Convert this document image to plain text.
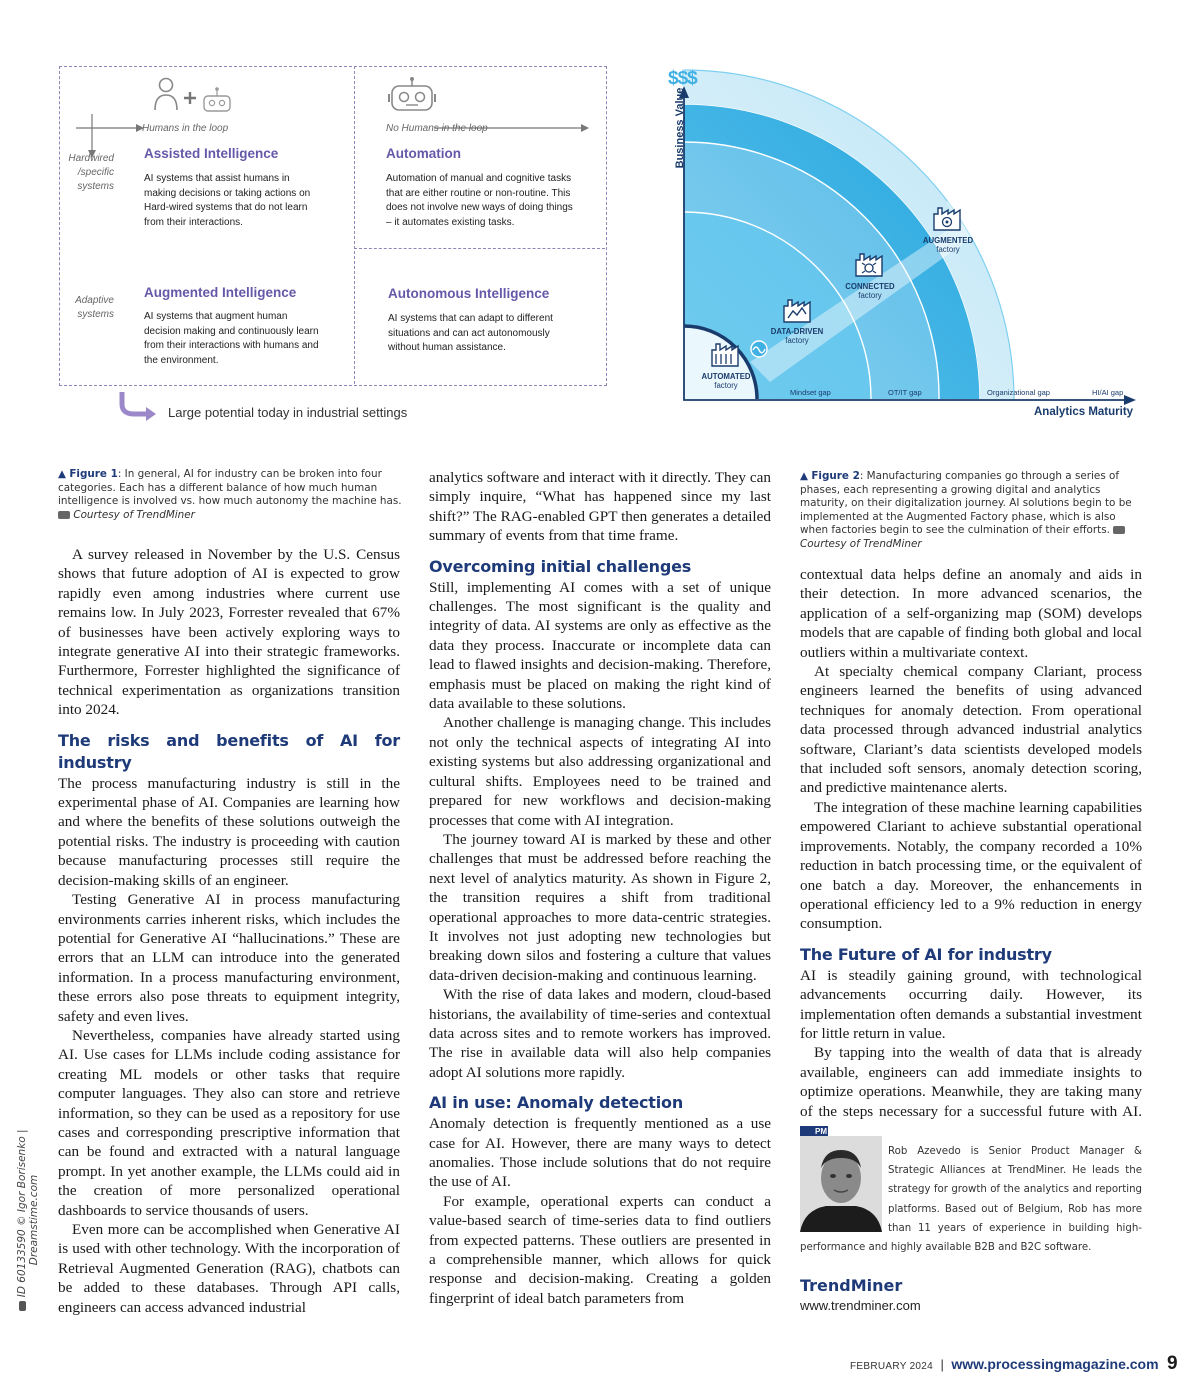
Humans in the loop	No Humans in the loop
Hardwired
/specific
systems
Adaptive
systems
Assisted Intelligence
AI systems that assist humans in making decisions or taking actions on Hard-wired systems that do not learn from their interactions.
Automation
Automation of manual and cognitive tasks that are either routine or non-routine. This does not involve new ways of doing things – it automates existing tasks.
Augmented Intelligence
AI systems that augment human decision making and continuously learn from their interactions with humans and the environment.
Autonomous Intelligence
AI systems that can adapt to different situations and can act autonomously without human assistance.
Large potential today in industrial settings
$$$
Business Value
Analytics Maturity
AUTOMATED
factory
DATA-DRIVEN
factory
CONNECTED
factory
AUGMENTED
factory
Mindset gap	OT/IT gap	Organizational gap	HI/AI gap
▲ Figure 1: In general, AI for industry can be broken into four categories. Each has a different balance of how much human intelligence is involved vs. how much autonomy the machine has.
Courtesy of TrendMiner
▲ Figure 2: Manufacturing companies go through a series of phases, each representing a growing digital and analytics maturity, on their digitalization journey. AI solutions begin to be implemented at the Augmented Factory phase, which is also when factories begin to see the culmination of their efforts.  Courtesy of TrendMiner

A survey released in November by the U.S. Census shows that future adoption of AI is expected to grow rapidly even among industries where current use remains low. In July 2023, Forrester revealed that 67% of businesses have been actively exploring ways to integrate generative AI into their strategic frameworks. Furthermore, Forrester highlighted the significance of technical experimentation as organizations transition into 2024.

The risks and benefits of AI for industry

The process manufacturing industry is still in the experimental phase of AI. Companies are learning how and where the benefits of these solutions outweigh the potential risks. The industry is proceeding with caution because manufacturing processes still require the decision-making skills of an engineer.

Testing Generative AI in process manufacturing environments carries inherent risks, which includes the potential for Generative AI “hallucinations.” These are errors that an LLM can introduce into the generated information. In a process manufacturing environment, these errors also pose threats to equipment integrity, safety and even lives.

Nevertheless, companies have already started using AI. Use cases for LLMs include coding assistance for creating ML models or other tasks that require computer languages. They also can store and retrieve information, so they can be used as a repository for use cases and corresponding prescriptive information that can be found and extracted with a natural language prompt. In yet another example, the LLMs could aid in the creation of more personalized operational dashboards to service thousands of users.

Even more can be accomplished when Generative AI is used with other technology. With the incorporation of Retrieval Augmented Generation (RAG), chatbots can be added to these databases. Through API calls, engineers can access advanced industrial

analytics software and interact with it directly. They can simply inquire, “What has happened since my last shift?” The RAG-enabled GPT then generates a detailed summary of events from that time frame.

Overcoming initial challenges

Still, implementing AI comes with a set of unique challenges. The most significant is the quality and integrity of data. AI systems are only as effective as the data they process. Inaccurate or incomplete data can lead to flawed insights and decision-making. Therefore, emphasis must be placed on making the right kind of data available to these solutions.

Another challenge is managing change. This includes not only the technical aspects of integrating AI into existing systems but also addressing organizational and cultural shifts. Employees need to be trained and prepared for new workflows and decision-making processes that come with AI integration.

The journey toward AI is marked by these and other challenges that must be addressed before reaching the next level of analytics maturity. As shown in Figure 2, the transition requires a shift from traditional operational approaches to more data-centric strategies. It involves not just adopting new technologies but breaking down silos and fostering a culture that values data-driven decision-making and continuous learning.

With the rise of data lakes and modern, cloud-based historians, the availability of time-series and contextual data across sites and to remote workers has improved. The rise in available data will also help companies adopt AI solutions more rapidly.

AI in use: Anomaly detection

Anomaly detection is frequently mentioned as a use case for AI. However, there are many ways to detect anomalies. Those include solutions that do not require the use of AI.

For example, operational experts can conduct a value-based search of time-series data to find outliers from expected patterns. These outliers are presented in a comprehensible manner, which allows for quick response and decision-making. Creating a golden fingerprint of ideal batch parameters from

contextual data helps define an anomaly and aids in their detection. In more advanced scenarios, the application of a self-organizing map (SOM) develops models that are capable of finding both global and local outliers within a multivariate context.

At specialty chemical company Clariant, process engineers learned the benefits of using advanced techniques for anomaly detection. From operational data processed through advanced industrial analytics software, Clariant’s data scientists developed models that included soft sensors, anomaly detection scoring, and predictive maintenance alerts.

The integration of these machine learning capabilities empowered Clariant to achieve substantial operational improvements. Notably, the company recorded a 10% reduction in batch processing time, or the equivalent of one batch a day. Moreover, the enhancements in operational efficiency led to a 9% reduction in energy consumption.

The Future of AI for industry

AI is steadily gaining ground, with technological advancements occurring daily. However, its implementation often demands a substantial investment for little return in value.

By tapping into the wealth of data that is already available, engineers can add immediate insights to optimize operations. Meanwhile, they are taking many of the steps necessary for a successful future with AI. PM

Rob Azevedo is Senior Product Manager & Strategic Alliances at TrendMiner. He leads the strategy for growth of the analytics and reporting platforms. Based out of Belgium, Rob has more than 11 years of experience in building high-performance and highly available B2B and B2C software.
TrendMiner
www.trendminer.com
ID 60133590 © Igor Borisenko | Dreamstime.com
FEBRUARY 2024 | www.processingmagazine.com 9
